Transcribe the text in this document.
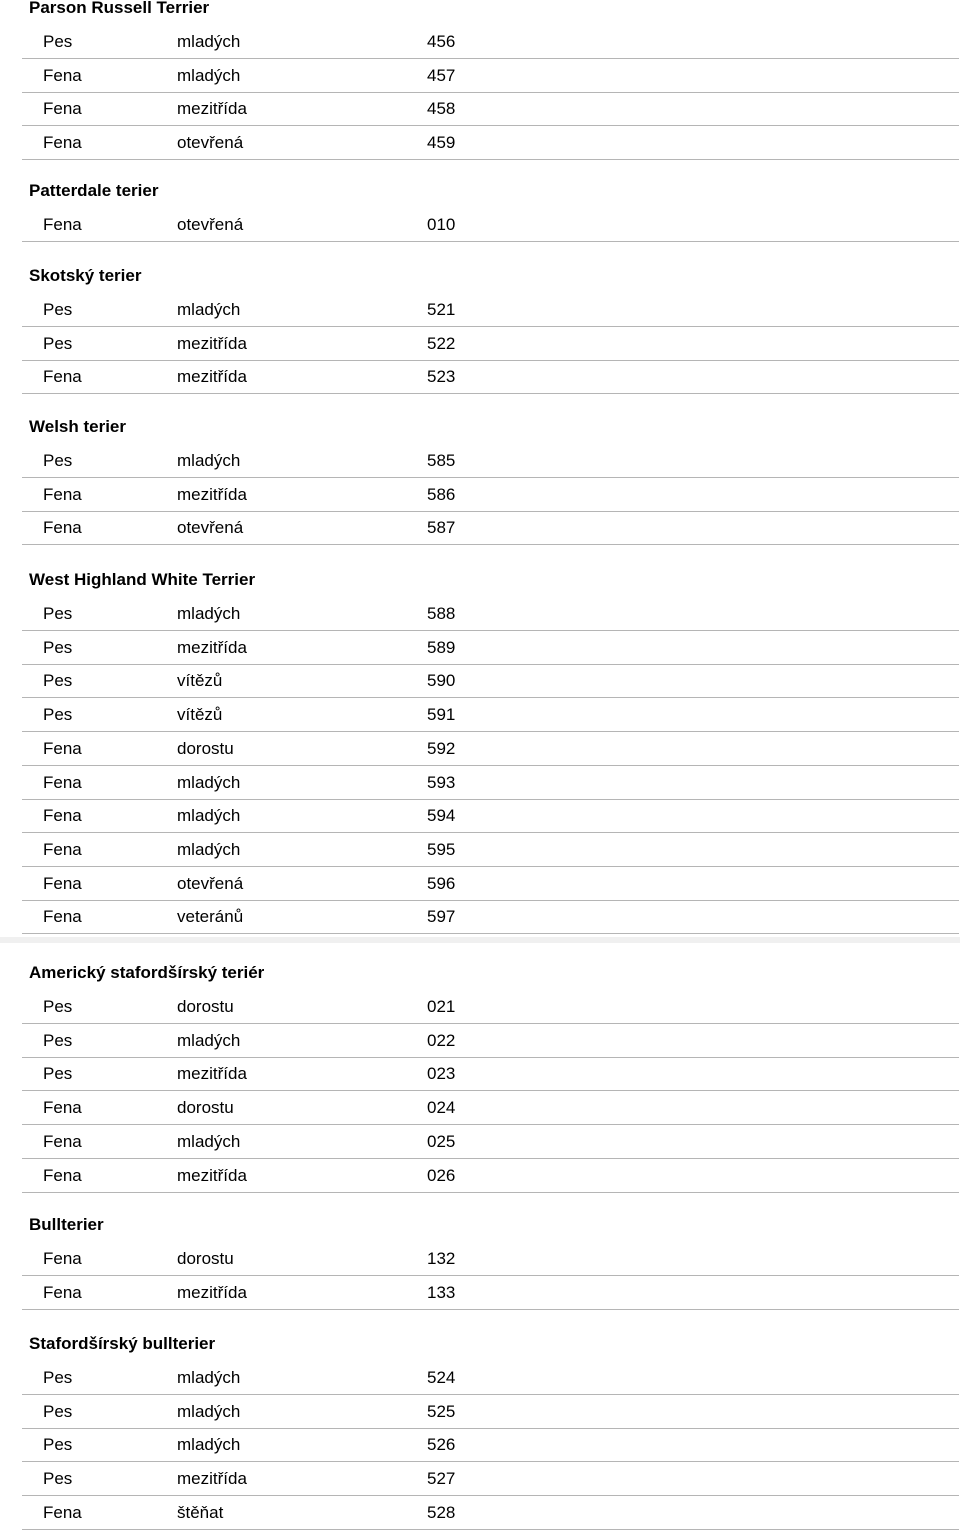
Parson Russell Terrier
Pes	mladých	456
Fena	mladých	457
Fena	mezitřída	458
Fena	otevřená	459
Patterdale terier
Fena	otevřená	010
Skotský terier
Pes	mladých	521
Pes	mezitřída	522
Fena	mezitřída	523
Welsh terier
Pes	mladých	585
Fena	mezitřída	586
Fena	otevřená	587
West Highland White Terrier
Pes	mladých	588
Pes	mezitřída	589
Pes	vítězů	590
Pes	vítězů	591
Fena	dorostu	592
Fena	mladých	593
Fena	mladých	594
Fena	mladých	595
Fena	otevřená	596
Fena	veteránů	597
Americký stafordšírský teriér
Pes	dorostu	021
Pes	mladých	022
Pes	mezitřída	023
Fena	dorostu	024
Fena	mladých	025
Fena	mezitřída	026
Bullterier
Fena	dorostu	132
Fena	mezitřída	133
Stafordšírský bullterier
Pes	mladých	524
Pes	mladých	525
Pes	mladých	526
Pes	mezitřída	527
Fena	štěňat	528
